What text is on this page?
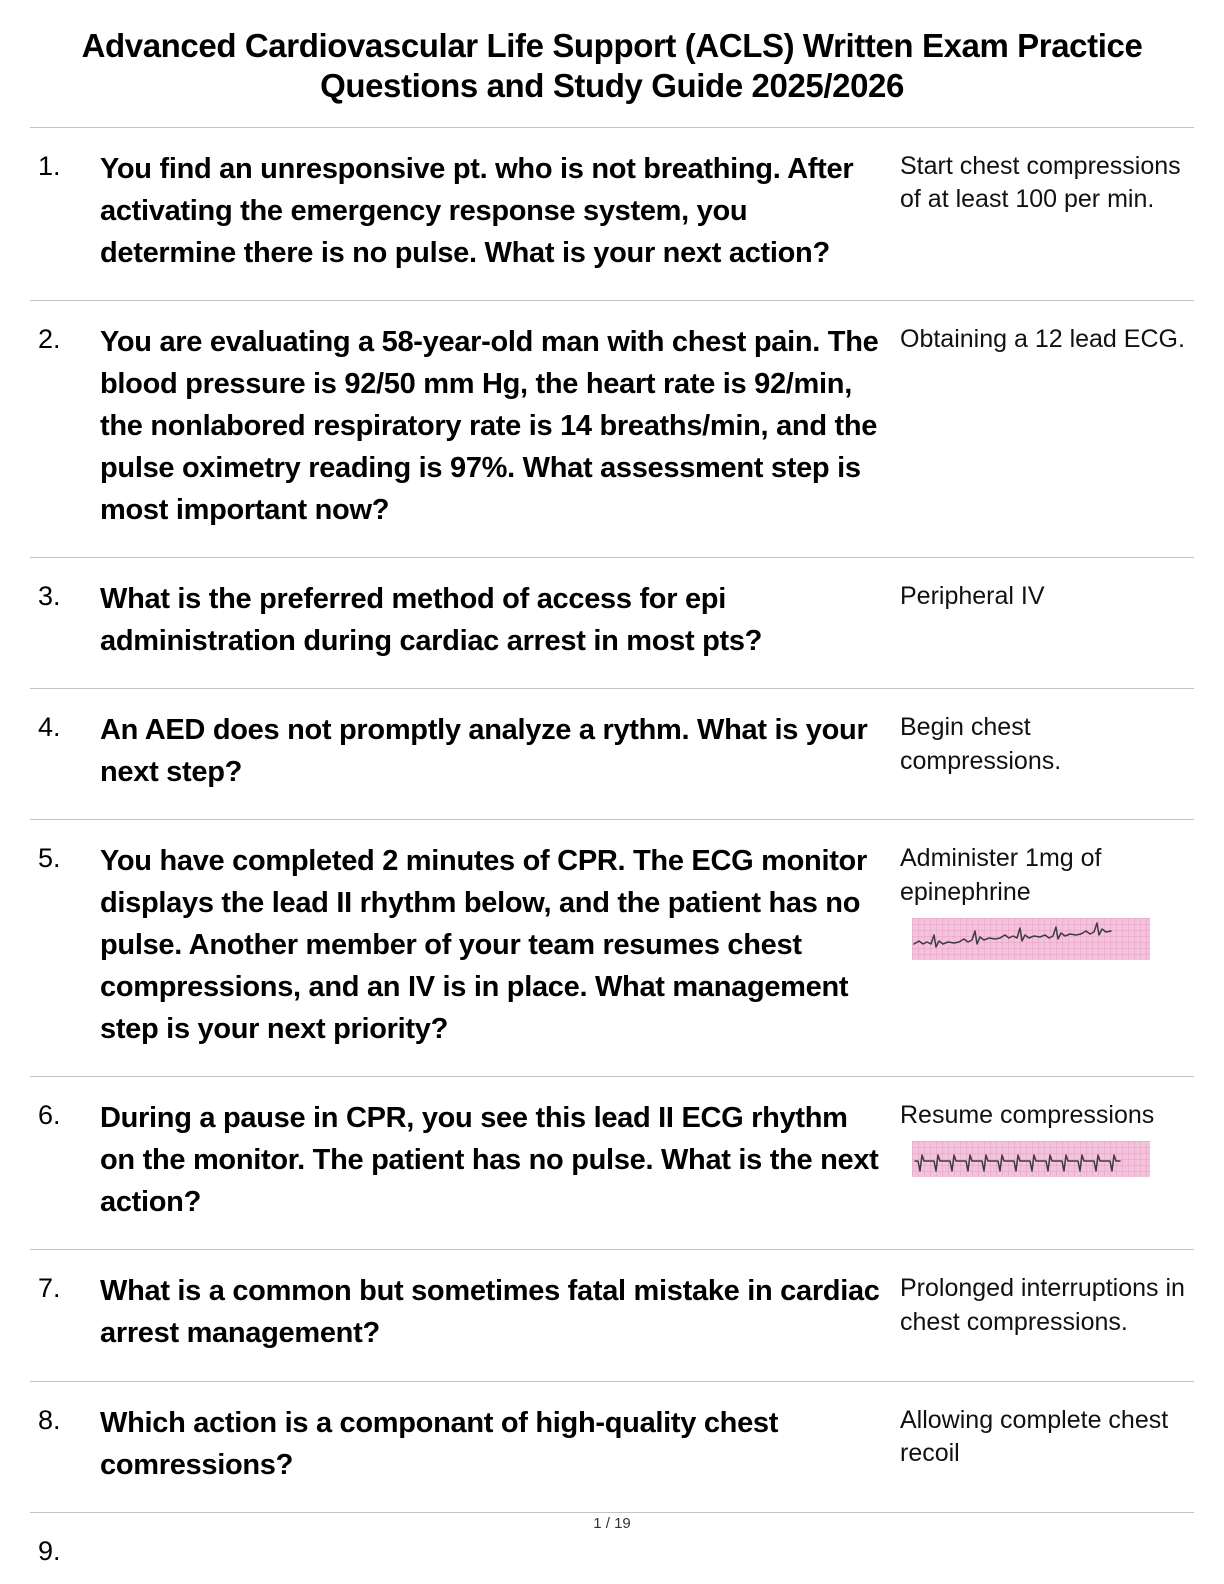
Advanced Cardiovascular Life Support (ACLS) Written Exam Practice Questions and Study Guide 2025/2026
1.	You find an unresponsive pt. who is not breathing. After activating the emergency response system, you determine there is no pulse. What is your next action?
Start chest compressions of at least 100 per min.
2.	You are evaluating a 58-year-old man with chest pain. The blood pressure is 92/50 mm Hg, the heart rate is 92/min, the nonlabored respiratory rate is 14 breaths/min, and the pulse oximetry reading is 97%. What assessment step is most important now?
Obtaining a 12 lead ECG.
3.	What is the preferred method of access for epi administration during cardiac arrest in most pts?
Peripheral IV
4.	An AED does not promptly analyze a rythm. What is your next step?
Begin chest compressions.
5.	You have completed 2 minutes of CPR. The ECG monitor displays the lead II rhythm below, and the patient has no pulse. Another member of your team resumes chest compressions, and an IV is in place. What management step is your next priority?
Administer 1mg of epinephrine
6.	During a pause in CPR, you see this lead II ECG rhythm on the monitor. The patient has no pulse. What is the next action?
Resume compressions
7.	What is a common but sometimes fatal mistake in cardiac arrest management?
Prolonged interruptions in chest compressions.
8.	Which action is a componant of high-quality chest comressions?
Allowing complete chest recoil
9.
1 / 19
